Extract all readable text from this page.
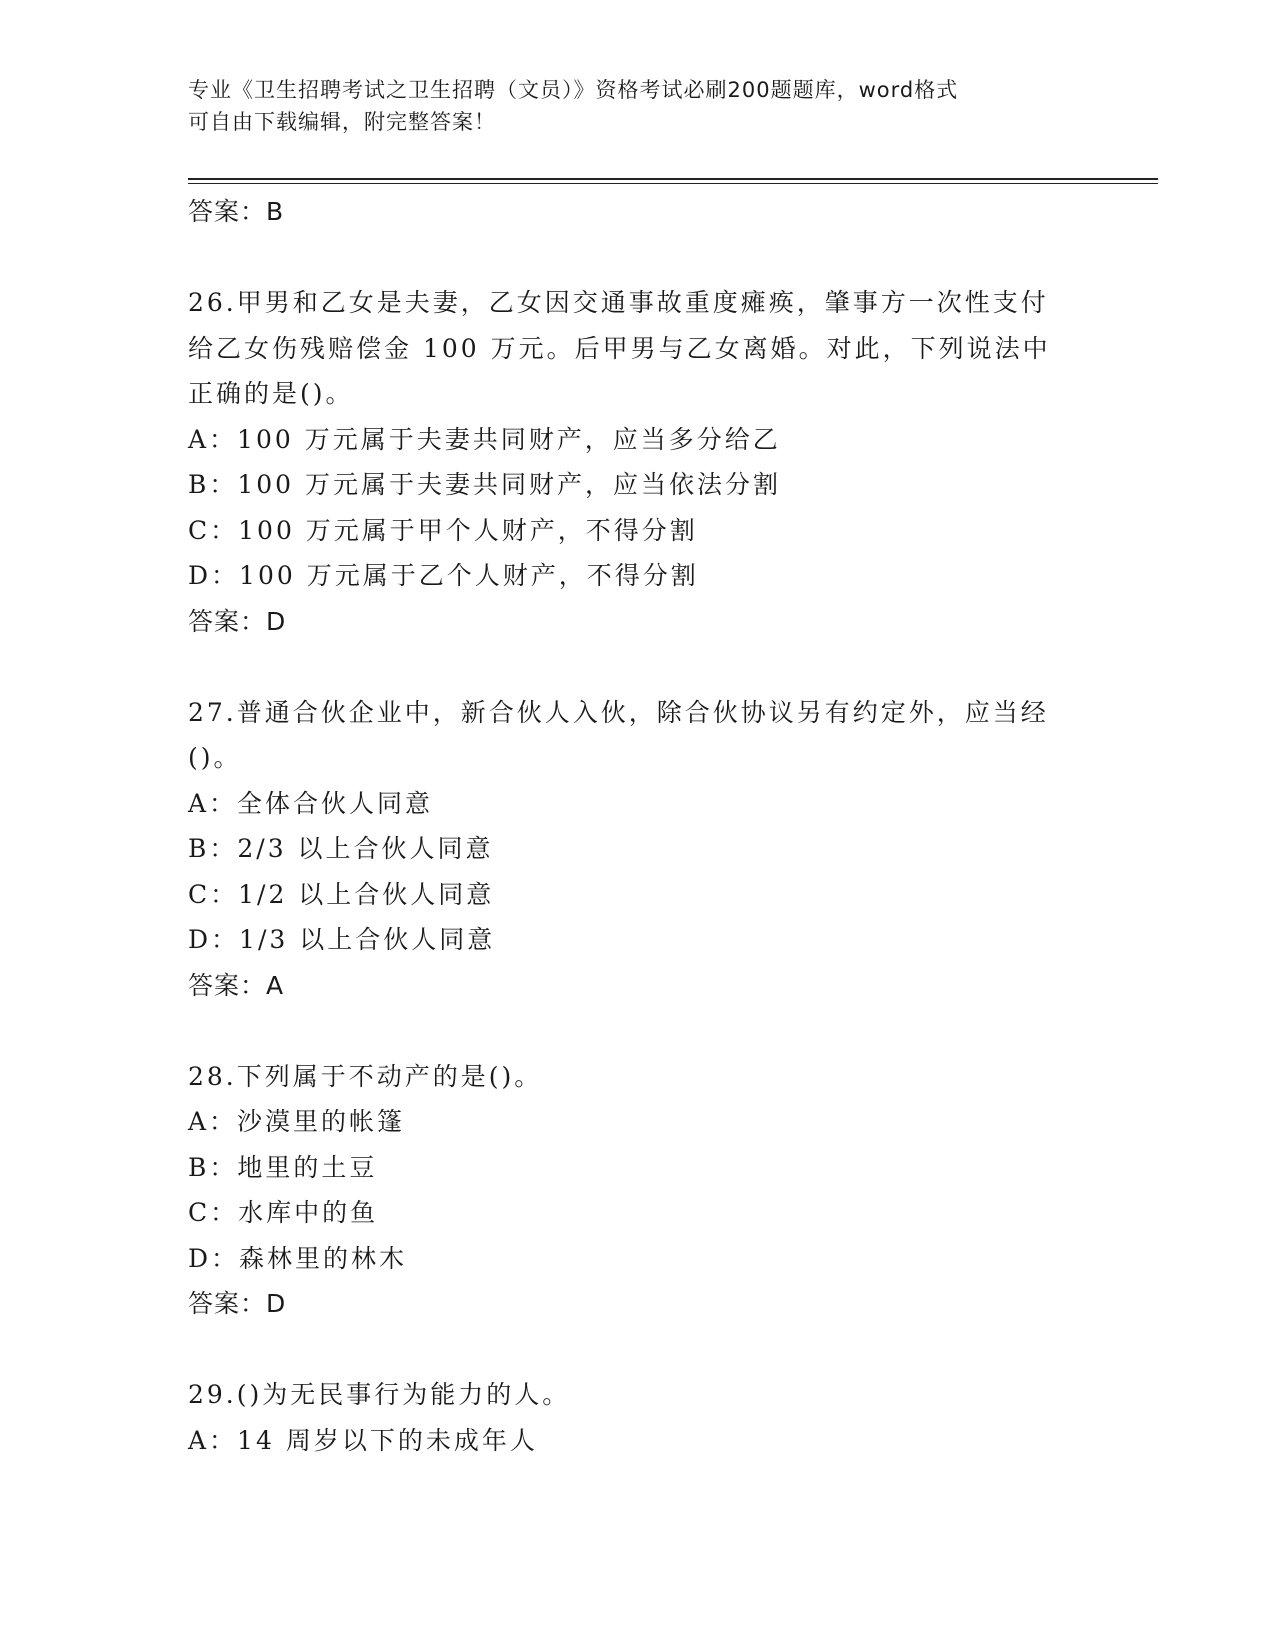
专业《卫生招聘考试之卫生招聘（文员）》资格考试必刷200题题库，word格式
可自由下载编辑，附完整答案！
答案：B
26.甲男和乙女是夫妻，乙女因交通事故重度瘫痪，肇事方一次性支付
给乙女伤残赔偿金 100 万元。后甲男与乙女离婚。对此，下列说法中
正确的是()。
A：100 万元属于夫妻共同财产，应当多分给乙
B：100 万元属于夫妻共同财产，应当依法分割
C：100 万元属于甲个人财产，不得分割
D：100 万元属于乙个人财产，不得分割
答案：D
27.普通合伙企业中，新合伙人入伙，除合伙协议另有约定外，应当经
()。
A：全体合伙人同意
B：2/3 以上合伙人同意
C：1/2 以上合伙人同意
D：1/3 以上合伙人同意
答案：A
28.下列属于不动产的是()。
A：沙漠里的帐篷
B：地里的土豆
C：水库中的鱼
D：森林里的林木
答案：D
29.()为无民事行为能力的人。
A：14 周岁以下的未成年人
